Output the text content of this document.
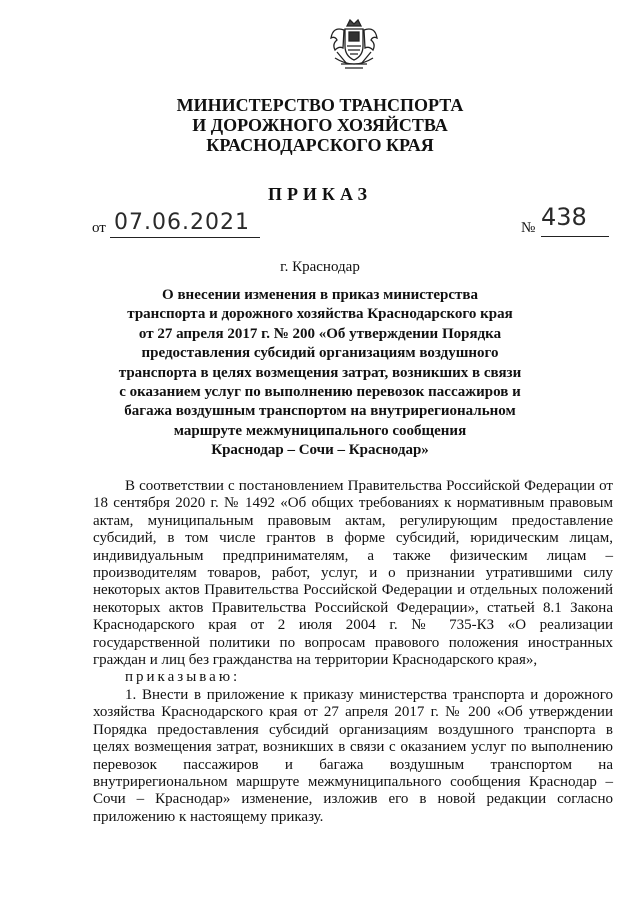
МИНИСТЕРСТВО ТРАНСПОРТА
И ДОРОЖНОГО ХОЗЯЙСТВА
КРАСНОДАРСКОГО КРАЯ
ПРИКАЗ
от 07.06.2021	№ 438
г. Краснодар
О внесении изменения в приказ министерства
транспорта и дорожного хозяйства Краснодарского края
от 27 апреля 2017 г. № 200 «Об утверждении Порядка
предоставления субсидий организациям воздушного
транспорта в целях возмещения затрат, возникших в связи
с оказанием услуг по выполнению перевозок пассажиров и
багажа воздушным транспортом на внутрирегиональном
маршруте межмуниципального сообщения
Краснодар – Сочи – Краснодар»

В соответствии с постановлением Правительства Российской Федерации от 18 сентября 2020 г. № 1492 «Об общих требованиях к нормативным правовым актам, муниципальным правовым актам, регулирующим предоставление субсидий, в том числе грантов в форме субсидий, юридическим лицам, индивидуальным предпринимателям, а также физическим лицам – производителям товаров, работ, услуг, и о признании утратившими силу некоторых актов Правительства Российской Федерации и отдельных положений некоторых актов Правительства Российской Федерации», статьей 8.1 Закона Краснодарского края от 2 июля 2004 г. № 735-КЗ «О реализации государственной политики по вопросам правового положения иностранных граждан и лиц без гражданства на территории Краснодарского края»,

приказываю:

1. Внести в приложение к приказу министерства транспорта и дорожного хозяйства Краснодарского края от 27 апреля 2017 г. № 200 «Об утверждении Порядка предоставления субсидий организациям воздушного транспорта в целях возмещения затрат, возникших в связи с оказанием услуг по выполнению перевозок пассажиров и багажа воздушным транспортом на внутрирегиональном маршруте межмуниципального сообщения Краснодар – Сочи – Краснодар» изменение, изложив его в новой редакции согласно приложению к настоящему приказу.
